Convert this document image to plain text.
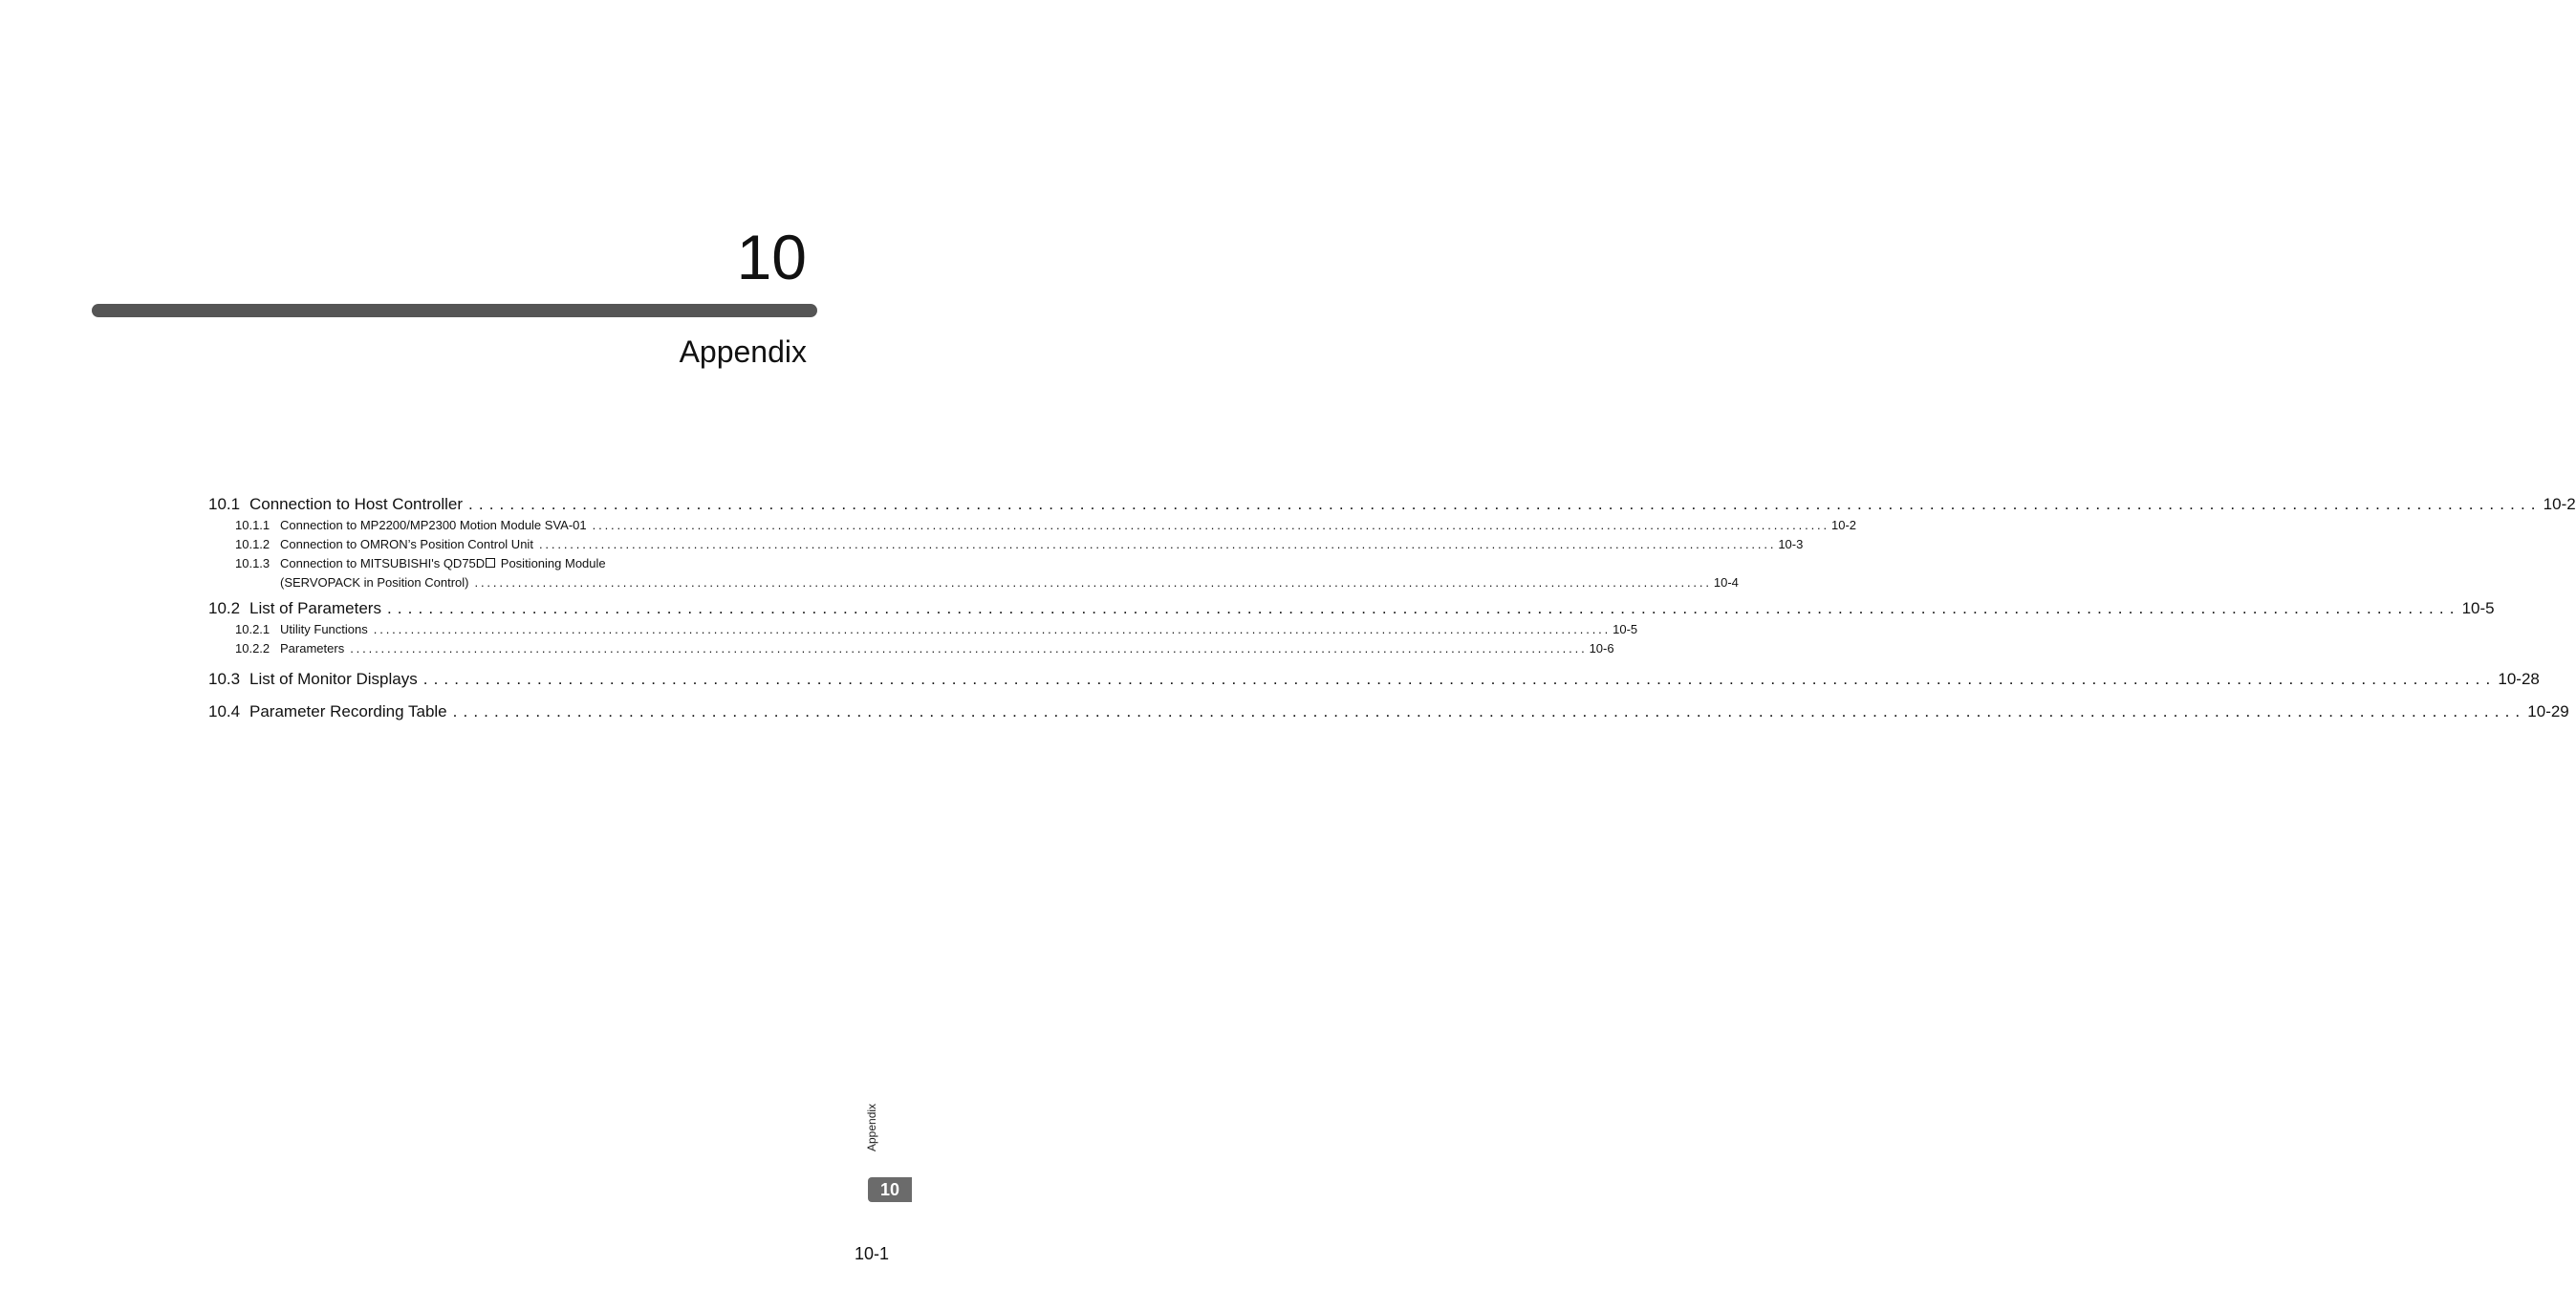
10
Appendix
10.1 Connection to Host Controller ........................................................................................................................................................................................................ 10-2
10.1.1 Connection to MP2200/MP2300 Motion Module SVA-01 ........................................................................................................................................................................................................ 10-2
10.1.2 Connection to OMRON’s Position Control Unit ........................................................................................................................................................................................................ 10-3
10.1.3 Connection to MITSUBISHI's QD75D Positioning Module
(SERVOPACK in Position Control) ........................................................................................................................................................................................................ 10-4
10.2 List of Parameters ........................................................................................................................................................................................................ 10-5
10.2.1 Utility Functions ........................................................................................................................................................................................................ 10-5
10.2.2 Parameters ........................................................................................................................................................................................................ 10-6
10.3 List of Monitor Displays ........................................................................................................................................................................................................ 10-28
10.4 Parameter Recording Table ........................................................................................................................................................................................................ 10-29
Appendix
10
10-1
